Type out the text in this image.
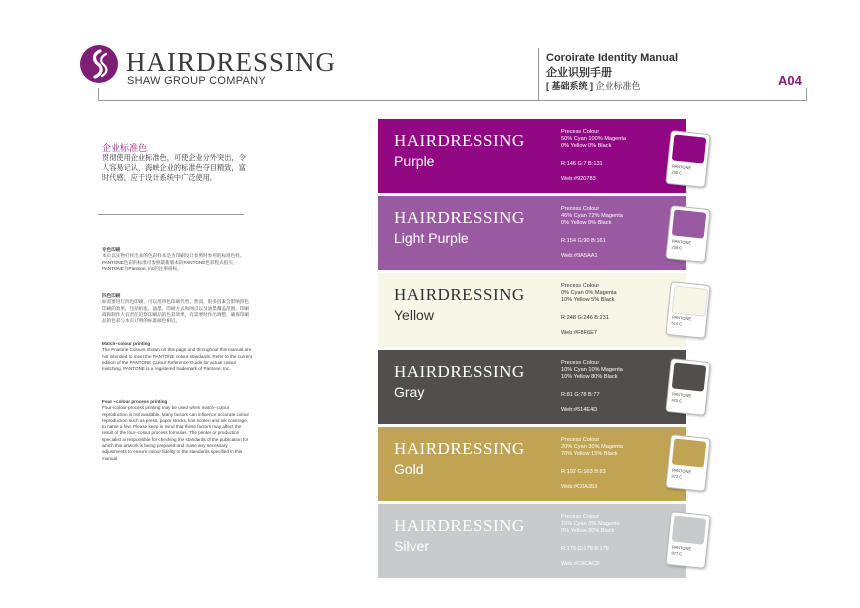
HAIRDRESSING
SHAW GROUP COMPANY
Coroirate Identity Manual
企业识别手册
[ 基础系统 ] 企业标准色	A04
企业标准色
贯彻使用企业标准色，可使企业分外突出，令人容易记认，海峡企业的标准色夺目精致，富时代感，应于设计系统中广泛使用。
专色印刷
本页以实物打样出来的色彩样本是为印刷设计参照时参用的标准色样。PANTONE色彩的标准可参照最新版本的PANTONE色彩程式指引，PANTONE为Pantone, Inc的注册商标。
四色印刷
如需要进行四色印刷，可以用四色印刷代替。然而，很多因素会影响四色印刷的效果，包括纸张、油墨、印刷方式和网点以及油墨覆盖范围。印刷商和制作人有责任追察印刷品的色彩效果，有需要时作出调整，确保印刷品的色彩与本页订明的标准颜色相近。
Match–colour printing
The Pnatone Colours shown on this page and throughout this manual are not intended to meet the PANTONE colour standards. Refer to the current edition of the PANTONE Colour Reference Guide for actual colour matching. PANTONE is a registered trademark of Pantone, Inc.
Four –colour process printing
Four-/colour process printing may be used when match–colour reproduction is not available. Many factors can influence accurate colour reproduction such as press, paper stocks, line screen and ink coverage, to name a few. Please keep in mind that these factors may affect the result of the four–colour process formulas. The printer or production specialist ai responsible for checking the standards of the publication for which this artwork is being prepared and mase any necessary adjustments to ensure colour fidelity to the standards specified in this manual.
HAIRDRESSING
Purple
Precess Colour
50% Cyan 100% Magenta
0% Yellow 0% Black
R:146 G:7 B:131
Web:#920783
HAIRDRESSING
Light Purple
Precess Colour
46% Cyan 72% Magenta
0% Yellow 0% Black
R:154 G:90 B:161
Web:#9A5AA1
HAIRDRESSING
Yellow
Precess Colour
0% Cyan 0% Magenta
10% Yellow 5% Black
R:248 G:246 B:231
Web:#F8F6E7
HAIRDRESSING
Gray
Precess Colour
10% Cyan 10% Magenta
10% Yellow 80% Black
R:81 G:78 B:77
Web:#514E4D
HAIRDRESSING
Gold
Precess Colour
20% Cyan 30% Magenta
70% Yellow 15% Black
R:192 G:163 B:83
Web:#C0A353
HAIRDRESSING
Silver
Precess Colour
15% Cyan 0% Magenta
0% Yellow 30% Black
R:179 G:179 B:179
Web:#C9CACB
PANTONE
255 C
PANTONE
258 C
PANTONE
614 C
PANTONE
425 C
PANTONE
872 C
PANTONE
877 C
